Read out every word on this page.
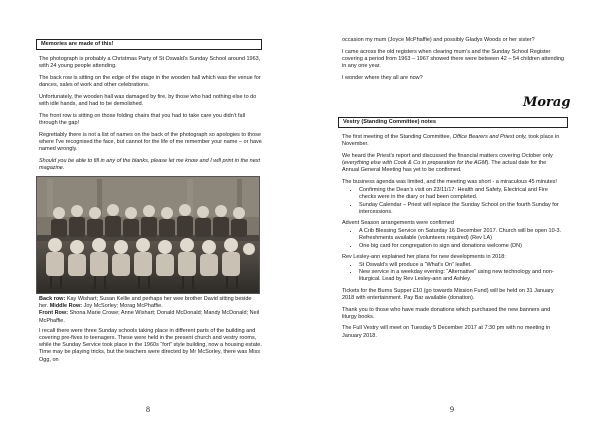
Memories are made of this!

The photograph is probably a Christmas Party of St Oswald’s Sunday School around 1963, with 24 young people attending.

The back row is sitting on the edge of the stage in the wooden hall which was the venue for dances, sales of work and other celebrations.

Unfortunately, the wooden hall was damaged by fire, by those who had nothing else to do with idle hands, and had to be demolished.

The front row is sitting on those folding chairs that you had to take care you didn’t fall through the gap!

Regrettably there is not a list of names on the back of the photograph so apologies to those where I’ve recognised the face, but cannot for the life of me remember your name – or have named wrongly.

Should you be able to fill in any of the blanks, please let me know and I will print in the next magazine.

Back row: Kay Wishart; Susan Kellie and perhaps her wee brother David sitting beside her. Middle Row: Joy McSorley; Morag McPhaffie.
Front Row: Shona Marie Crowe; Anne Wishart; Donald McDonald; Mandy McDonald; Neil McPhaffie.

I recall there were three Sunday schools taking place in different parts of the building and covering pre-fives to teenagers. These were held in the present church and vestry rooms, while the Sunday Service took place in the 1960s “fort” style building, now a housing estate. Time may be playing tricks, but the teachers were directed by Mr McSorley, there was Miss Ogg, on

8

occasion my mum (Joyce McPhaffie) and possibly Gladys Woods or her sister?

I came across the old registers when clearing mum’s and the Sunday School Register covering a period from 1963 – 1967 showed there were between 42 – 54 children attending in any one year.

I wonder where they all are now?

Morag
Vestry (Standing Committee) notes

The first meeting of the Standing Committee, Office Bearers and Priest only, took place in November.

We heard the Priest’s report and discussed the financial matters covering October only (everything else with Cook & Co in preparation for the AGM). The actual date for the Annual General Meeting has yet to be confirmed.

The business agenda was limited, and the meeting was short - a miraculous 45 minutes!

• Confirming the Dean’s visit on 23/11/17: Health and Safety, Electrical and Fire checks were in the diary or had been completed.
• Sunday Calendar – Priest will replace the Sunday School on the fourth Sunday for intercessions.

Advent Season arrangements were confirmed

• A Crib Blessing Service on Saturday 16 December 2017. Church will be open 10-3. Refreshments available (volunteers required) (Rev LA)
• One big card for congregation to sign and donations welcome (DN)

Rev Lesley-ann explained her plans for new developments in 2018:

• St Oswald’s will produce a “What’s On” leaflet.
• New service in a weekday evening: “Alternative” using new technology and non-liturgical. Lead by Rev Lesley-ann and Ashley.

Tickets for the Burns Supper £10 (go towards Mission Fund) will be held on 31 January 2018 with entertainment. Pay Bar available (donation).

Thank you to those who have made donations which purchased the new banners and liturgy books.

The Full Vestry will meet on Tuesday 5 December 2017 at 7:30 pm with no meeting in January 2018.

9
